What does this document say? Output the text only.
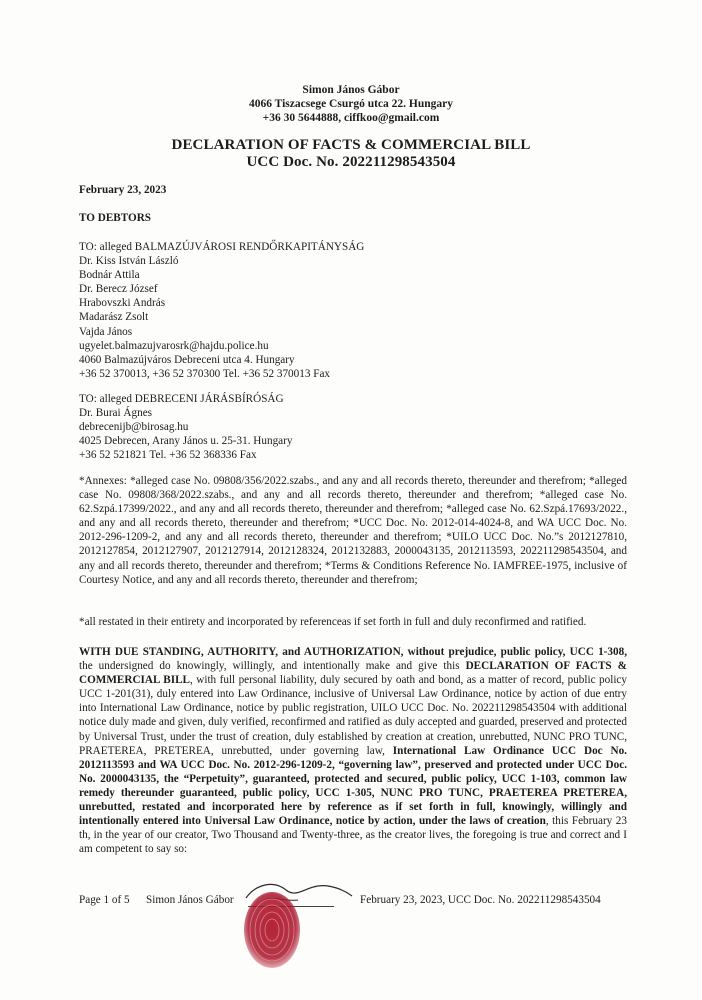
Simon János Gábor
4066 Tiszacsege Csurgó utca 22. Hungary
+36 30 5644888, ciffkoo@gmail.com
DECLARATION OF FACTS & COMMERCIAL BILL
UCC Doc. No. 202211298543504
February 23, 2023
TO DEBTORS
TO: alleged BALMAZÚJVÁROSI RENDŐRKAPITÁNYSÁG
Dr. Kiss István László
Bodnár Attila
Dr. Berecz József
Hrabovszki András
Madarász Zsolt
Vajda János
ugyelet.balmazujvarosrk@hajdu.police.hu
4060 Balmazújváros Debreceni utca 4. Hungary
+36 52 370013, +36 52 370300 Tel. +36 52 370013 Fax
TO: alleged DEBRECENI JÁRÁSBÍRÓSÁG
Dr. Burai Ágnes
debrecenijb@birosag.hu
4025 Debrecen, Arany János u. 25-31. Hungary
+36 52 521821 Tel. +36 52 368336 Fax
*Annexes: *alleged case No. 09808/356/2022.szabs., and any and all records thereto, thereunder and therefrom; *alleged case No. 09808/368/2022.szabs., and any and all records thereto, thereunder and therefrom; *alleged case No. 62.Szpá.17399/2022., and any and all records thereto, thereunder and therefrom; *alleged case No. 62.Szpá.17693/2022., and any and all records thereto, thereunder and therefrom; *UCC Doc. No. 2012-014-4024-8, and WA UCC Doc. No. 2012-296-1209-2, and any and all records thereto, thereunder and therefrom; *UILO UCC Doc. No.”s 2012127810, 2012127854, 2012127907, 2012127914, 2012128324, 2012132883, 2000043135, 2012113593, 202211298543504, and any and all records thereto, thereunder and therefrom; *Terms & Conditions Reference No. IAMFREE-1975, inclusive of Courtesy Notice, and any and all records thereto, thereunder and therefrom;
*all restated in their entirety and incorporated by referenceas if set forth in full and duly reconfirmed and ratified.
WITH DUE STANDING, AUTHORITY, and AUTHORIZATION, without prejudice, public policy, UCC 1-308, the undersigned do knowingly, willingly, and intentionally make and give this DECLARATION OF FACTS & COMMERCIAL BILL, with full personal liability, duly secured by oath and bond, as a matter of record, public policy UCC 1-201(31), duly entered into Law Ordinance, inclusive of Universal Law Ordinance, notice by action of due entry into International Law Ordinance, notice by public registration, UILO UCC Doc. No. 202211298543504 with additional notice duly made and given, duly verified, reconfirmed and ratified as duly accepted and guarded, preserved and protected by Universal Trust, under the trust of creation, duly established by creation at creation, unrebutted, NUNC PRO TUNC, PRAETEREA, PRETEREA, unrebutted, under governing law, International Law Ordinance UCC Doc No. 2012113593 and WA UCC Doc. No. 2012-296-1209-2, “governing law”, preserved and protected under UCC Doc. No. 2000043135, the “Perpetuity”, guaranteed, protected and secured, public policy, UCC 1-103, common law remedy thereunder guaranteed, public policy, UCC 1-305, NUNC PRO TUNC, PRAETEREA PRETEREA, unrebutted, restated and incorporated here by reference as if set forth in full, knowingly, willingly and intentionally entered into Universal Law Ordinance, notice by action, under the laws of creation, this February 23 th, in the year of our creator, Two Thousand and Twenty-three, as the creator lives, the foregoing is true and correct and I am competent to say so:
Page 1 of 5 Simon János Gábor	February 23, 2023, UCC Doc. No. 202211298543504
